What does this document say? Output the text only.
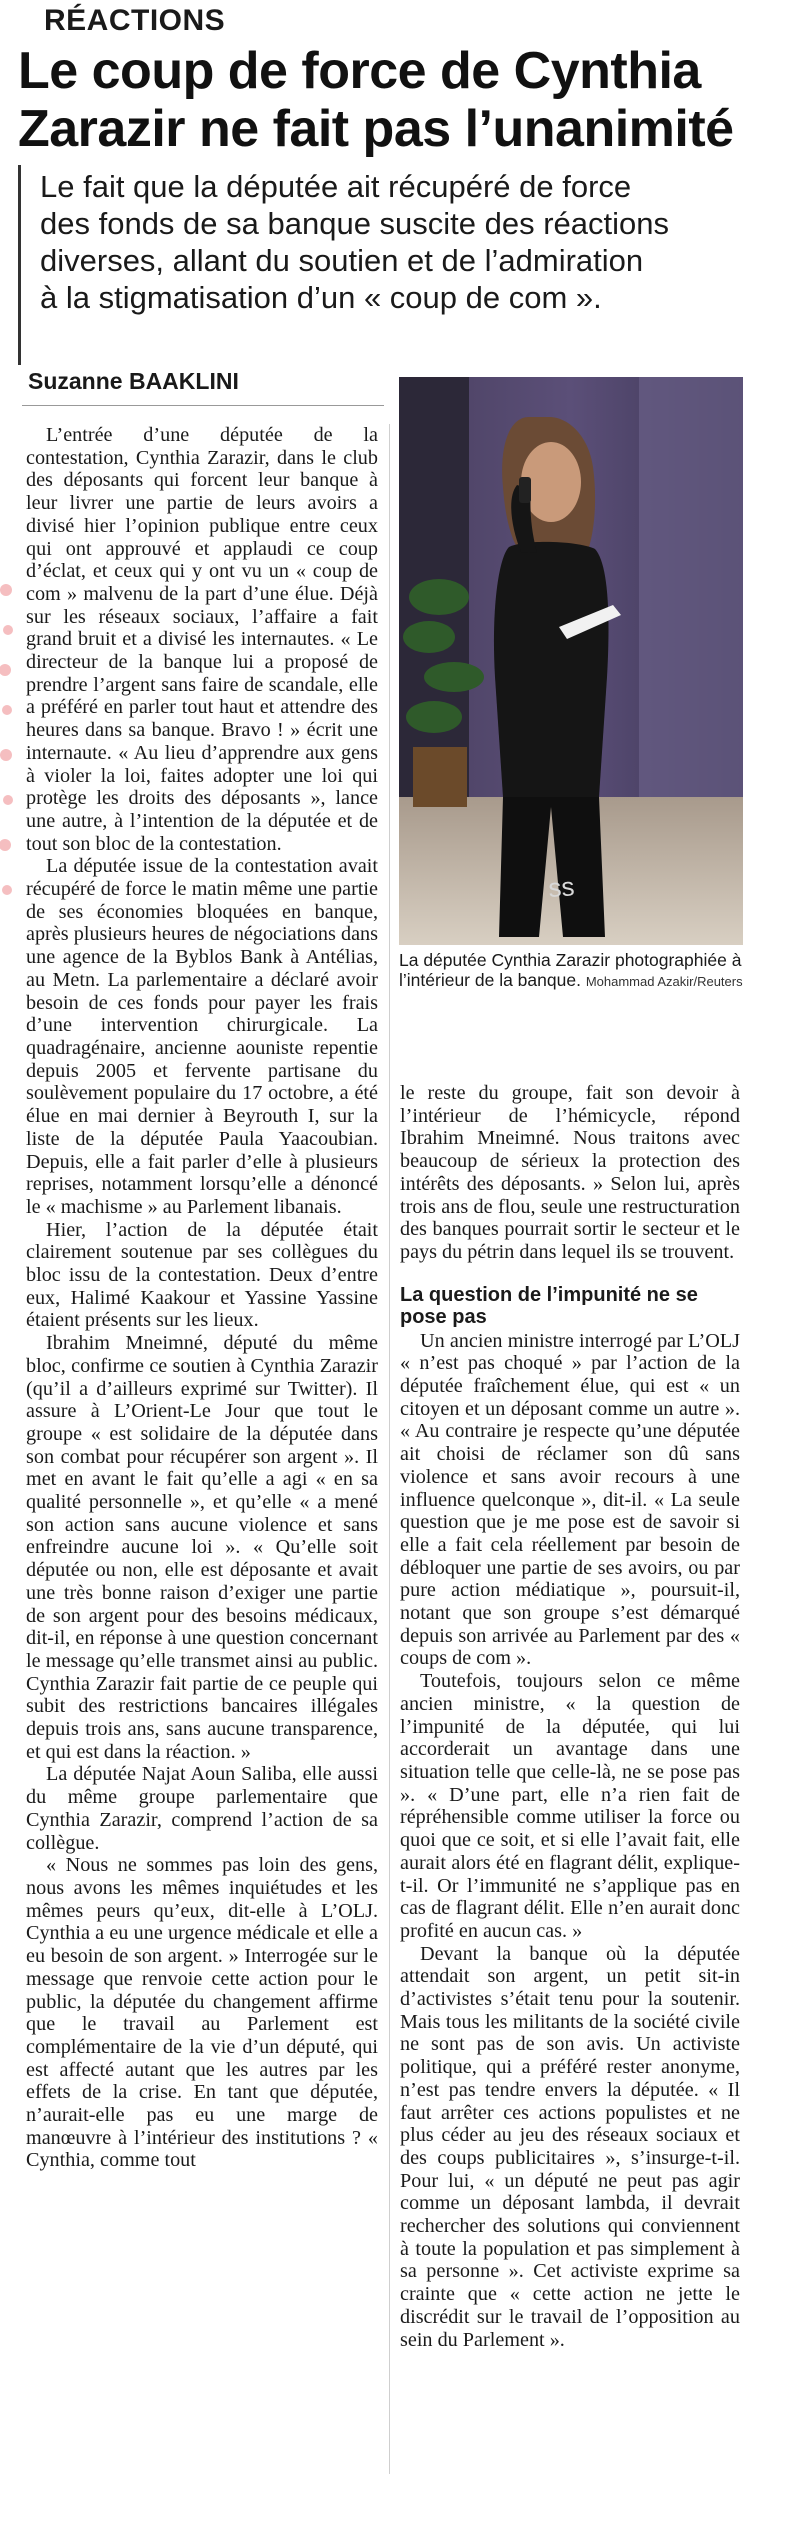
RÉACTIONS
Le coup de force de Cynthia
Zarazir ne fait pas l’unanimité
Le fait que la députée ait récupéré de force
des fonds de sa banque suscite des réactions
diverses, allant du soutien et de l’admiration
à la stigmatisation d’un « coup de com ».
Suzanne BAAKLINI

L’entrée d’une députée de la contestation, Cynthia Zarazir, dans le club des déposants qui forcent leur banque à leur livrer une partie de leurs avoirs a divisé hier l’opinion publique entre ceux qui ont approuvé et applaudi ce coup d’éclat, et ceux qui y ont vu un « coup de com » malvenu de la part d’une élue. Déjà sur les réseaux sociaux, l’affaire a fait grand bruit et a divisé les internautes. « Le directeur de la banque lui a proposé de prendre l’argent sans faire de scandale, elle a préféré en parler tout haut et attendre des heures dans sa banque. Bravo ! » écrit une internaute. « Au lieu d’apprendre aux gens à violer la loi, faites adopter une loi qui protège les droits des déposants », lance une autre, à l’intention de la députée et de tout son bloc de la contestation.

La députée issue de la contestation avait récupéré de force le matin même une partie de ses économies bloquées en banque, après plusieurs heures de négociations dans une agence de la Byblos Bank à Antélias, au Metn. La parlementaire a déclaré avoir besoin de ces fonds pour payer les frais d’une intervention chirurgicale. La quadragénaire, ancienne aouniste repentie depuis 2005 et fervente partisane du soulèvement populaire du 17 octobre, a été élue en mai dernier à Beyrouth I, sur la liste de la députée Paula Yaacoubian. Depuis, elle a fait parler d’elle à plusieurs reprises, notamment lorsqu’elle a dénoncé le « machisme » au Parlement libanais.

Hier, l’action de la députée était clairement soutenue par ses collègues du bloc issu de la contestation. Deux d’entre eux, Halimé Kaakour et Yassine Yassine étaient présents sur les lieux.

Ibrahim Mneimné, député du même bloc, confirme ce soutien à Cynthia Zarazir (qu’il a d’ailleurs exprimé sur Twitter). Il assure à L’Orient-Le Jour que tout le groupe « est solidaire de la députée dans son combat pour récupérer son argent ». Il met en avant le fait qu’elle a agi « en sa qualité personnelle », et qu’elle « a mené son action sans aucune violence et sans enfreindre aucune loi ». « Qu’elle soit députée ou non, elle est déposante et avait une très bonne raison d’exiger une partie de son argent pour des besoins médicaux, dit-il, en réponse à une question concernant le message qu’elle transmet ainsi au public. Cynthia Zarazir fait partie de ce peuple qui subit des restrictions bancaires illégales depuis trois ans, sans aucune transparence, et qui est dans la réaction. »

La députée Najat Aoun Saliba, elle aussi du même groupe parlementaire que Cynthia Zarazir, comprend l’action de sa collègue.

« Nous ne sommes pas loin des gens, nous avons les mêmes inquiétudes et les mêmes peurs qu’eux, dit-elle à L’OLJ. Cynthia a eu une urgence médicale et elle a eu besoin de son argent. » Interrogée sur le message que renvoie cette action pour le public, la députée du changement affirme que le travail au Parlement est complémentaire de la vie d’un député, qui est affecté autant que les autres par les effets de la crise. En tant que députée, n’aurait-elle pas eu une marge de manœuvre à l’intérieur des institutions ? « Cynthia, comme tout

ss
La députée Cynthia Zarazir photographiée à l’intérieur de la banque. Mohammad Azakir/Reuters

le reste du groupe, fait son devoir à l’intérieur de l’hémicycle, répond Ibrahim Mneimné. Nous traitons avec beaucoup de sérieux la protection des intérêts des déposants. » Selon lui, après trois ans de flou, seule une restructuration des banques pourrait sortir le secteur et le pays du pétrin dans lequel ils se trouvent.

La question de l’impunité ne se pose pas

Un ancien ministre interrogé par L’OLJ « n’est pas choqué » par l’action de la députée fraîchement élue, qui est « un citoyen et un déposant comme un autre ». « Au contraire je respecte qu’une députée ait choisi de réclamer son dû sans violence et sans avoir recours à une influence quelconque », dit-il. « La seule question que je me pose est de savoir si elle a fait cela réellement par besoin de débloquer une partie de ses avoirs, ou par pure action médiatique », poursuit-il, notant que son groupe s’est démarqué depuis son arrivée au Parlement par des « coups de com ».

Toutefois, toujours selon ce même ancien ministre, « la question de l’impunité de la députée, qui lui accorderait un avantage dans une situation telle que celle-là, ne se pose pas ». « D’une part, elle n’a rien fait de répréhensible comme utiliser la force ou quoi que ce soit, et si elle l’avait fait, elle aurait alors été en flagrant délit, explique-t-il. Or l’immunité ne s’applique pas en cas de flagrant délit. Elle n’en aurait donc profité en aucun cas. »

Devant la banque où la députée attendait son argent, un petit sit-in d’activistes s’était tenu pour la soutenir. Mais tous les militants de la société civile ne sont pas de son avis. Un activiste politique, qui a préféré rester anonyme, n’est pas tendre envers la députée. « Il faut arrêter ces actions populistes et ne plus céder au jeu des réseaux sociaux et des coups publicitaires », s’insurge-t-il. Pour lui, « un député ne peut pas agir comme un déposant lambda, il devrait rechercher des solutions qui conviennent à toute la population et pas simplement à sa personne ». Cet activiste exprime sa crainte que « cette action ne jette le discrédit sur le travail de l’opposition au sein du Parlement ».
